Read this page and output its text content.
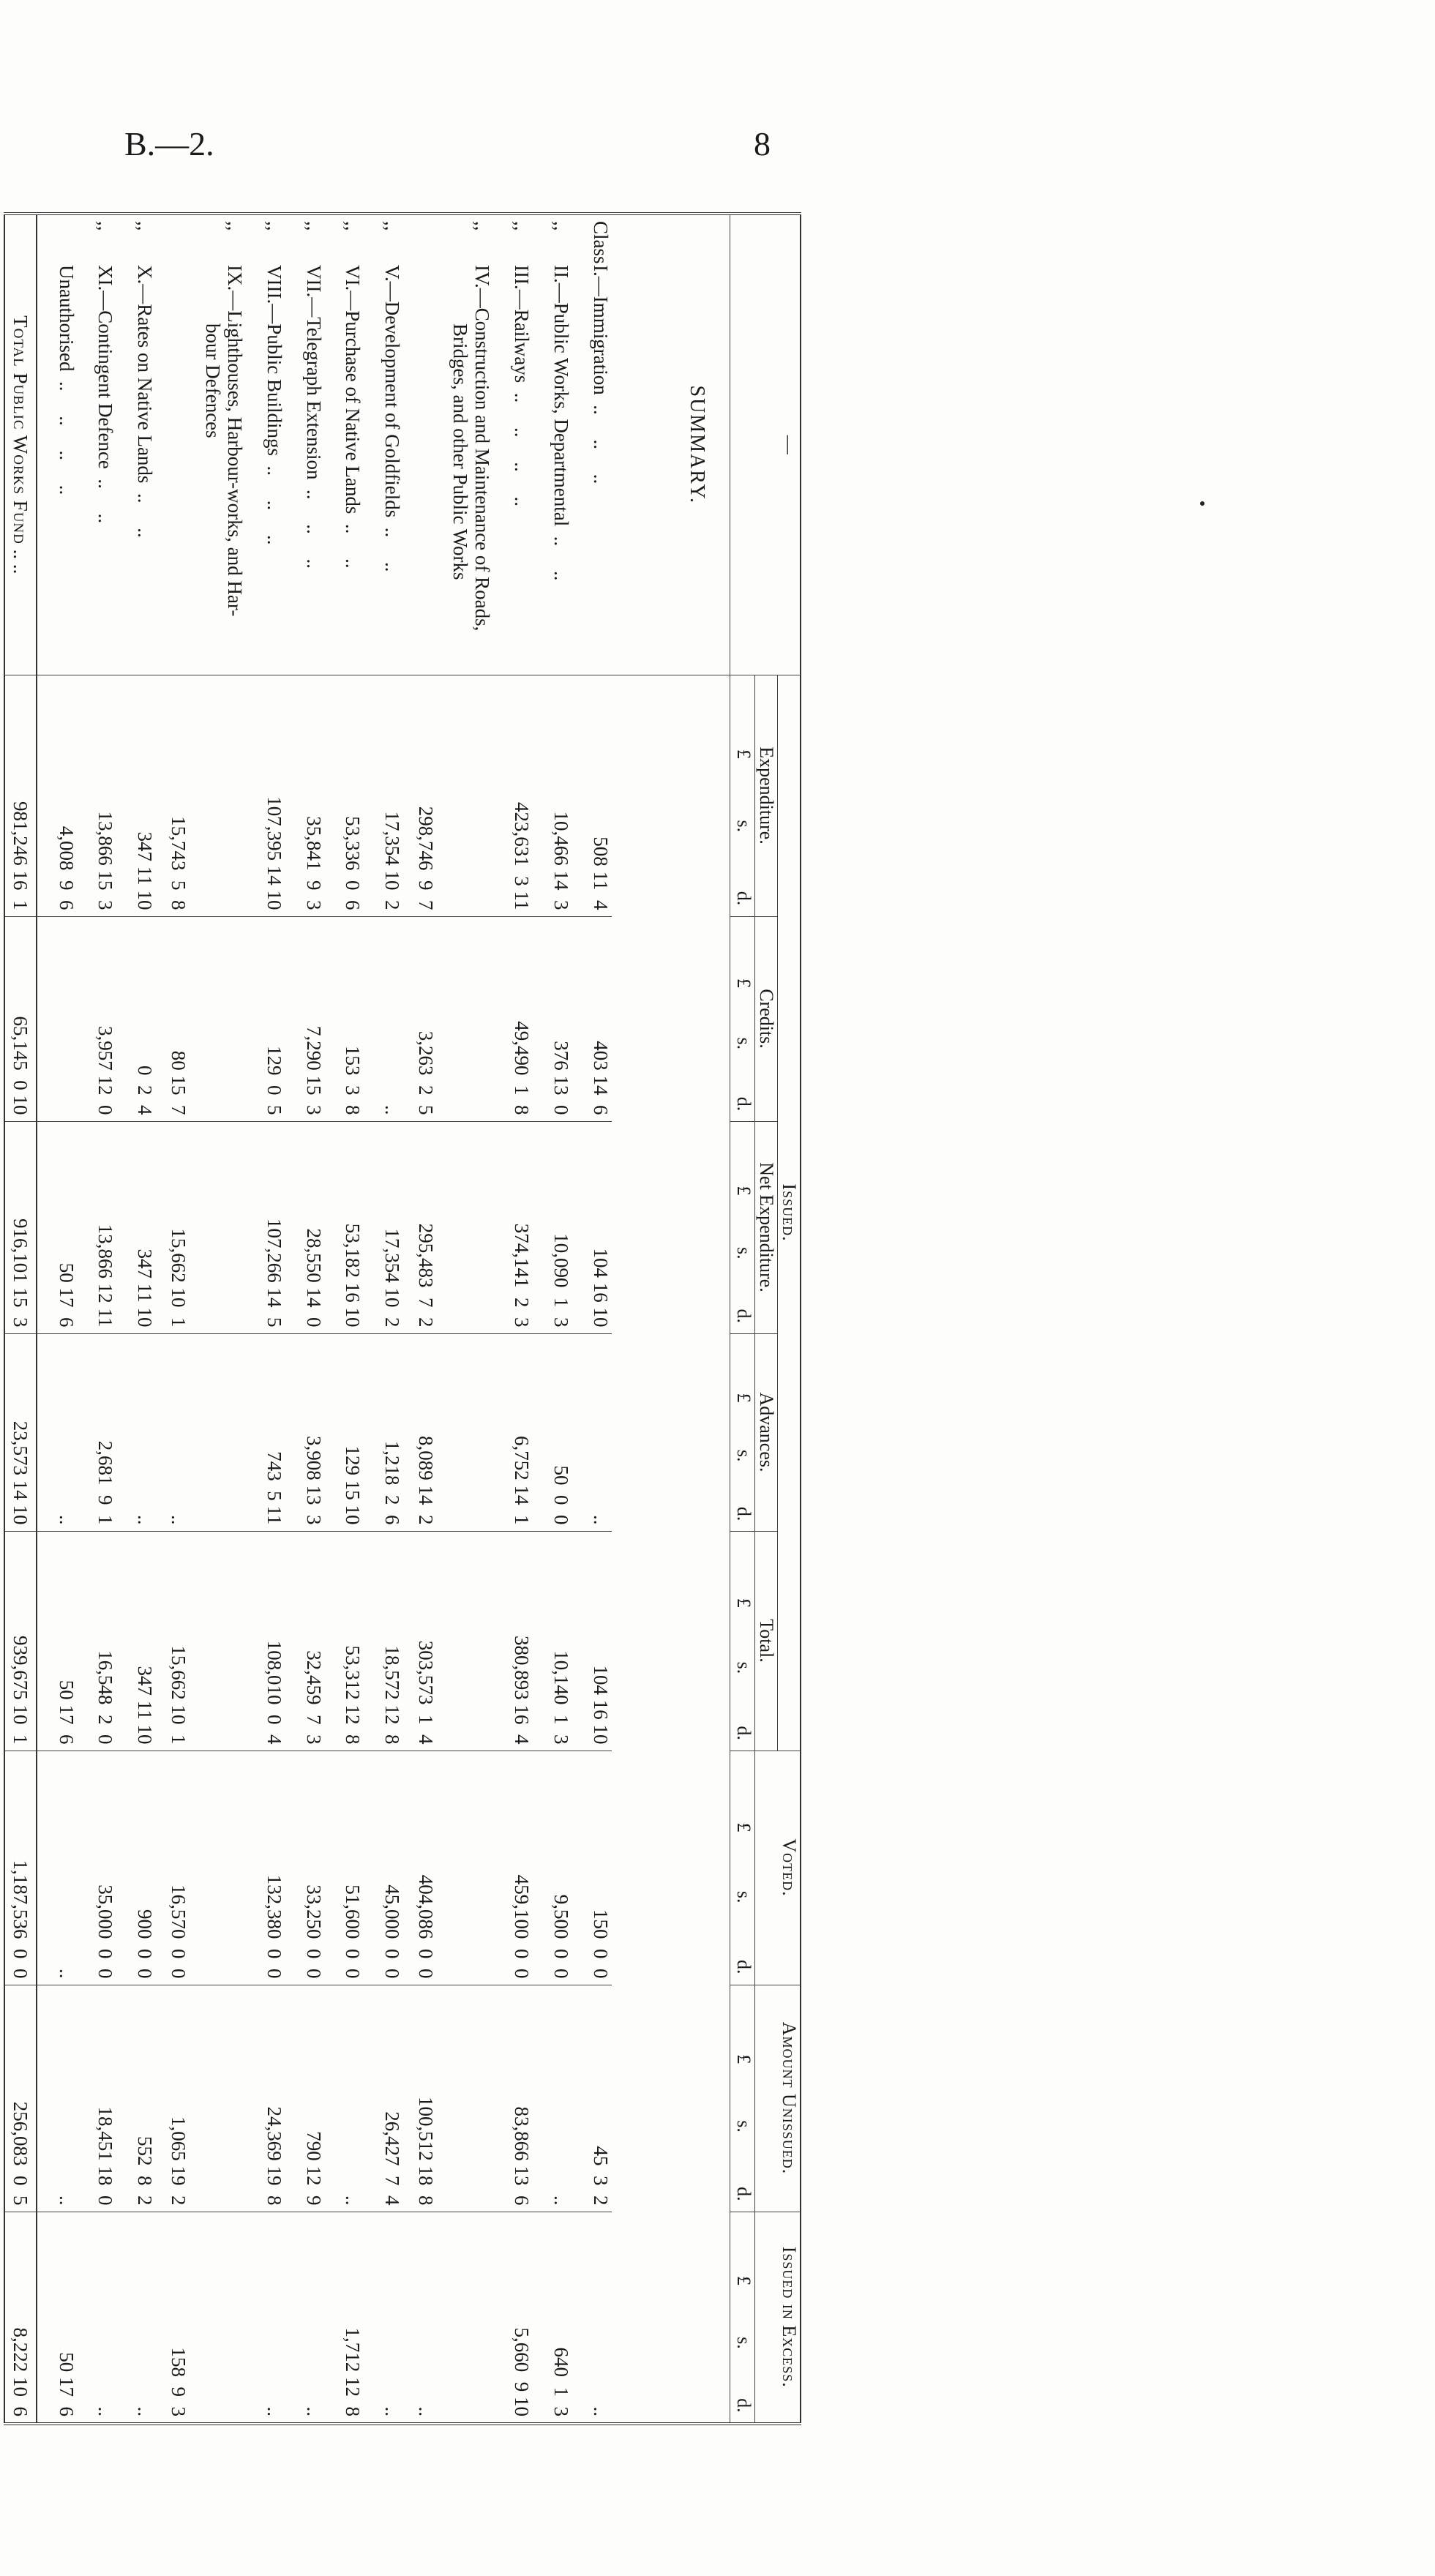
B.—2.	8
—	Issued.					Voted.	Amount Unissued.	Issued in Excess.
	Expenditure.	Credits.	Net Expenditure.	Advances.	Total.			
	£s.d.	£s.d.	£s.d.	£s.d.	£s.d.	£s.d.	£s.d.	£s.d.
SUMMARY.								
ClassI.—Immigration  ..     ..     ..	508 11  4	403 14  6	104 16 10	..	104 16 10	150  0  0	45  3  2	..
,,II.—Public Works, Departmental  ..     ..	10,466 14  3	376 13  0	10,090  1  3	50  0  0	10,140  1  3	9,500  0  0	..	640  1  3
,,III.—Railways  ..     ..     ..     ..	423,631  3 11	49,490  1  8	374,141  2  3	6,752 14  1	380,893 16  4	459,100  0  0	83,866 13  6	5,660  9 10
,,IV.—Construction and Maintenance of Roads,
Bridges, and other Public Works	298,746  9  7	3,263  2  5	295,483  7  2	8,089 14  2	303,573  1  4	404,086  0  0	100,512 18  8	..

,,V.—Development of Goldfields  ..     ..	17,354 10  2	..	17,354 10  2	1,218  2  6	18,572 12  8	45,000  0  0	26,427  7  4	..
,,VI.—Purchase of Native Lands  ..     ..	53,336  0  6	153  3  8	53,182 16 10	129 15 10	53,312 12  8	51,600  0  0	..	1,712 12  8
,,VII.—Telegraph Extension  ..     ..     ..	35,841  9  3	7,290 15  3	28,550 14  0	3,908 13  3	32,459  7  3	33,250  0  0	790 12  9	..
,,VIII.—Public Buildings  ..     ..     ..	107,395 14 10	129  0  5	107,266 14  5	743  5 11	108,010  0  4	132,380  0  0	24,369 19  8	..
,,IX.—Lighthouses, Harbour-works, and Har-
bour Defences	15,743  5  8	80 15  7	15,662 10  1	..	15,662 10  1	16,570  0  0	1,065 19  2	158  9  3

,,X.—Rates on Native Lands  ..     ..	347 11 10	0  2  4	347 11 10	..	347 11 10	900  0  0	552  8  2	..
,,XI.—Contingent Defence  ..     ..	13,866 15  3	3,957 12  0	13,866 12 11	2,681  9  1	16,548  2  0	35,000  0  0	18,451 18  0	..
Unauthorised  ..     ..     ..     ..	4,008  9  6		50 17  6	..	50 17  6	..	..	50 17  6
Total Public Works Fund .. ..	981,246 16  1	65,145  0 10	916,101 15  3	23,573 14 10	939,675 10  1	1,187,536  0  0	256,083  0  5	8,222 10  6
